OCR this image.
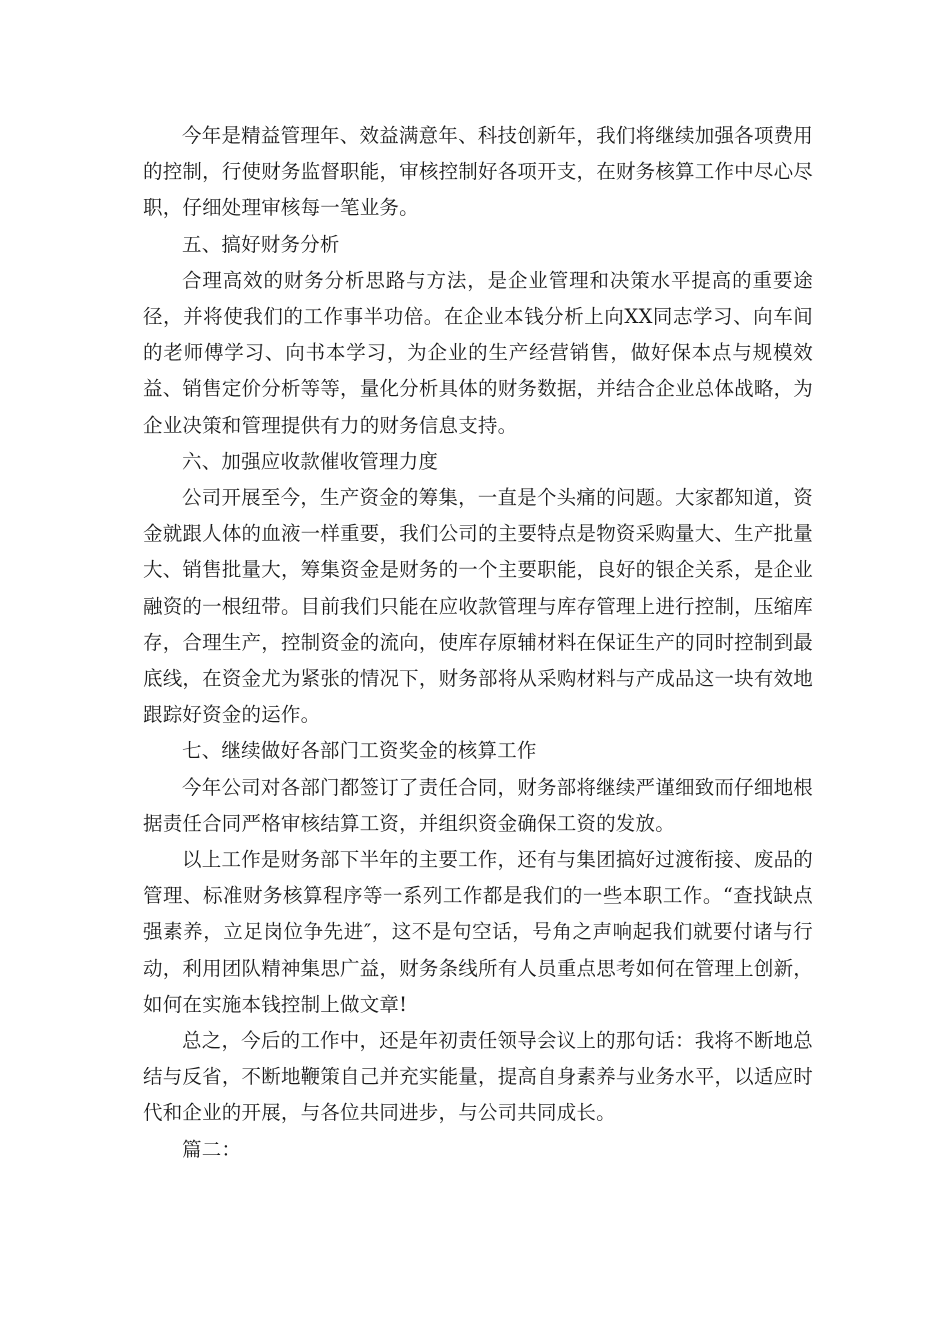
今年是精益管理年、效益满意年、科技创新年，我们将继续加强各项费用的控制，行使财务监督职能，审核控制好各项开支，在财务核算工作中尽心尽职，仔细处理审核每一笔业务。

五、搞好财务分析

合理高效的财务分析思路与方法，是企业管理和决策水平提高的重要途径，并将使我们的工作事半功倍。在企业本钱分析上向XX同志学习、向车间的老师傅学习、向书本学习，为企业的生产经营销售，做好保本点与规模效益、销售定价分析等等，量化分析具体的财务数据，并结合企业总体战略，为企业决策和管理提供有力的财务信息支持。

六、加强应收款催收管理力度

公司开展至今，生产资金的筹集，一直是个头痛的问题。大家都知道，资金就跟人体的血液一样重要，我们公司的主要特点是物资采购量大、生产批量大、销售批量大，筹集资金是财务的一个主要职能，良好的银企关系，是企业融资的一根纽带。目前我们只能在应收款管理与库存管理上进行控制，压缩库存，合理生产，控制资金的流向，使库存原辅材料在保证生产的同时控制到最底线，在资金尤为紧张的情况下，财务部将从采购材料与产成品这一块有效地跟踪好资金的运作。

七、继续做好各部门工资奖金的核算工作

今年公司对各部门都签订了责任合同，财务部将继续严谨细致而仔细地根据责任合同严格审核结算工资，并组织资金确保工资的发放。

以上工作是财务部下半年的主要工作，还有与集团搞好过渡衔接、废品的管理、标准财务核算程序等一系列工作都是我们的一些本职工作。“查找缺点强素养，立足岗位争先进″，这不是句空话，号角之声响起我们就要付诸与行动，利用团队精神集思广益，财务条线所有人员重点思考如何在管理上创新，如何在实施本钱控制上做文章!

总之，今后的工作中，还是年初责任领导会议上的那句话：我将不断地总结与反省，不断地鞭策自己并充实能量，提高自身素养与业务水平，以适应时代和企业的开展，与各位共同进步，与公司共同成长。

篇二：
